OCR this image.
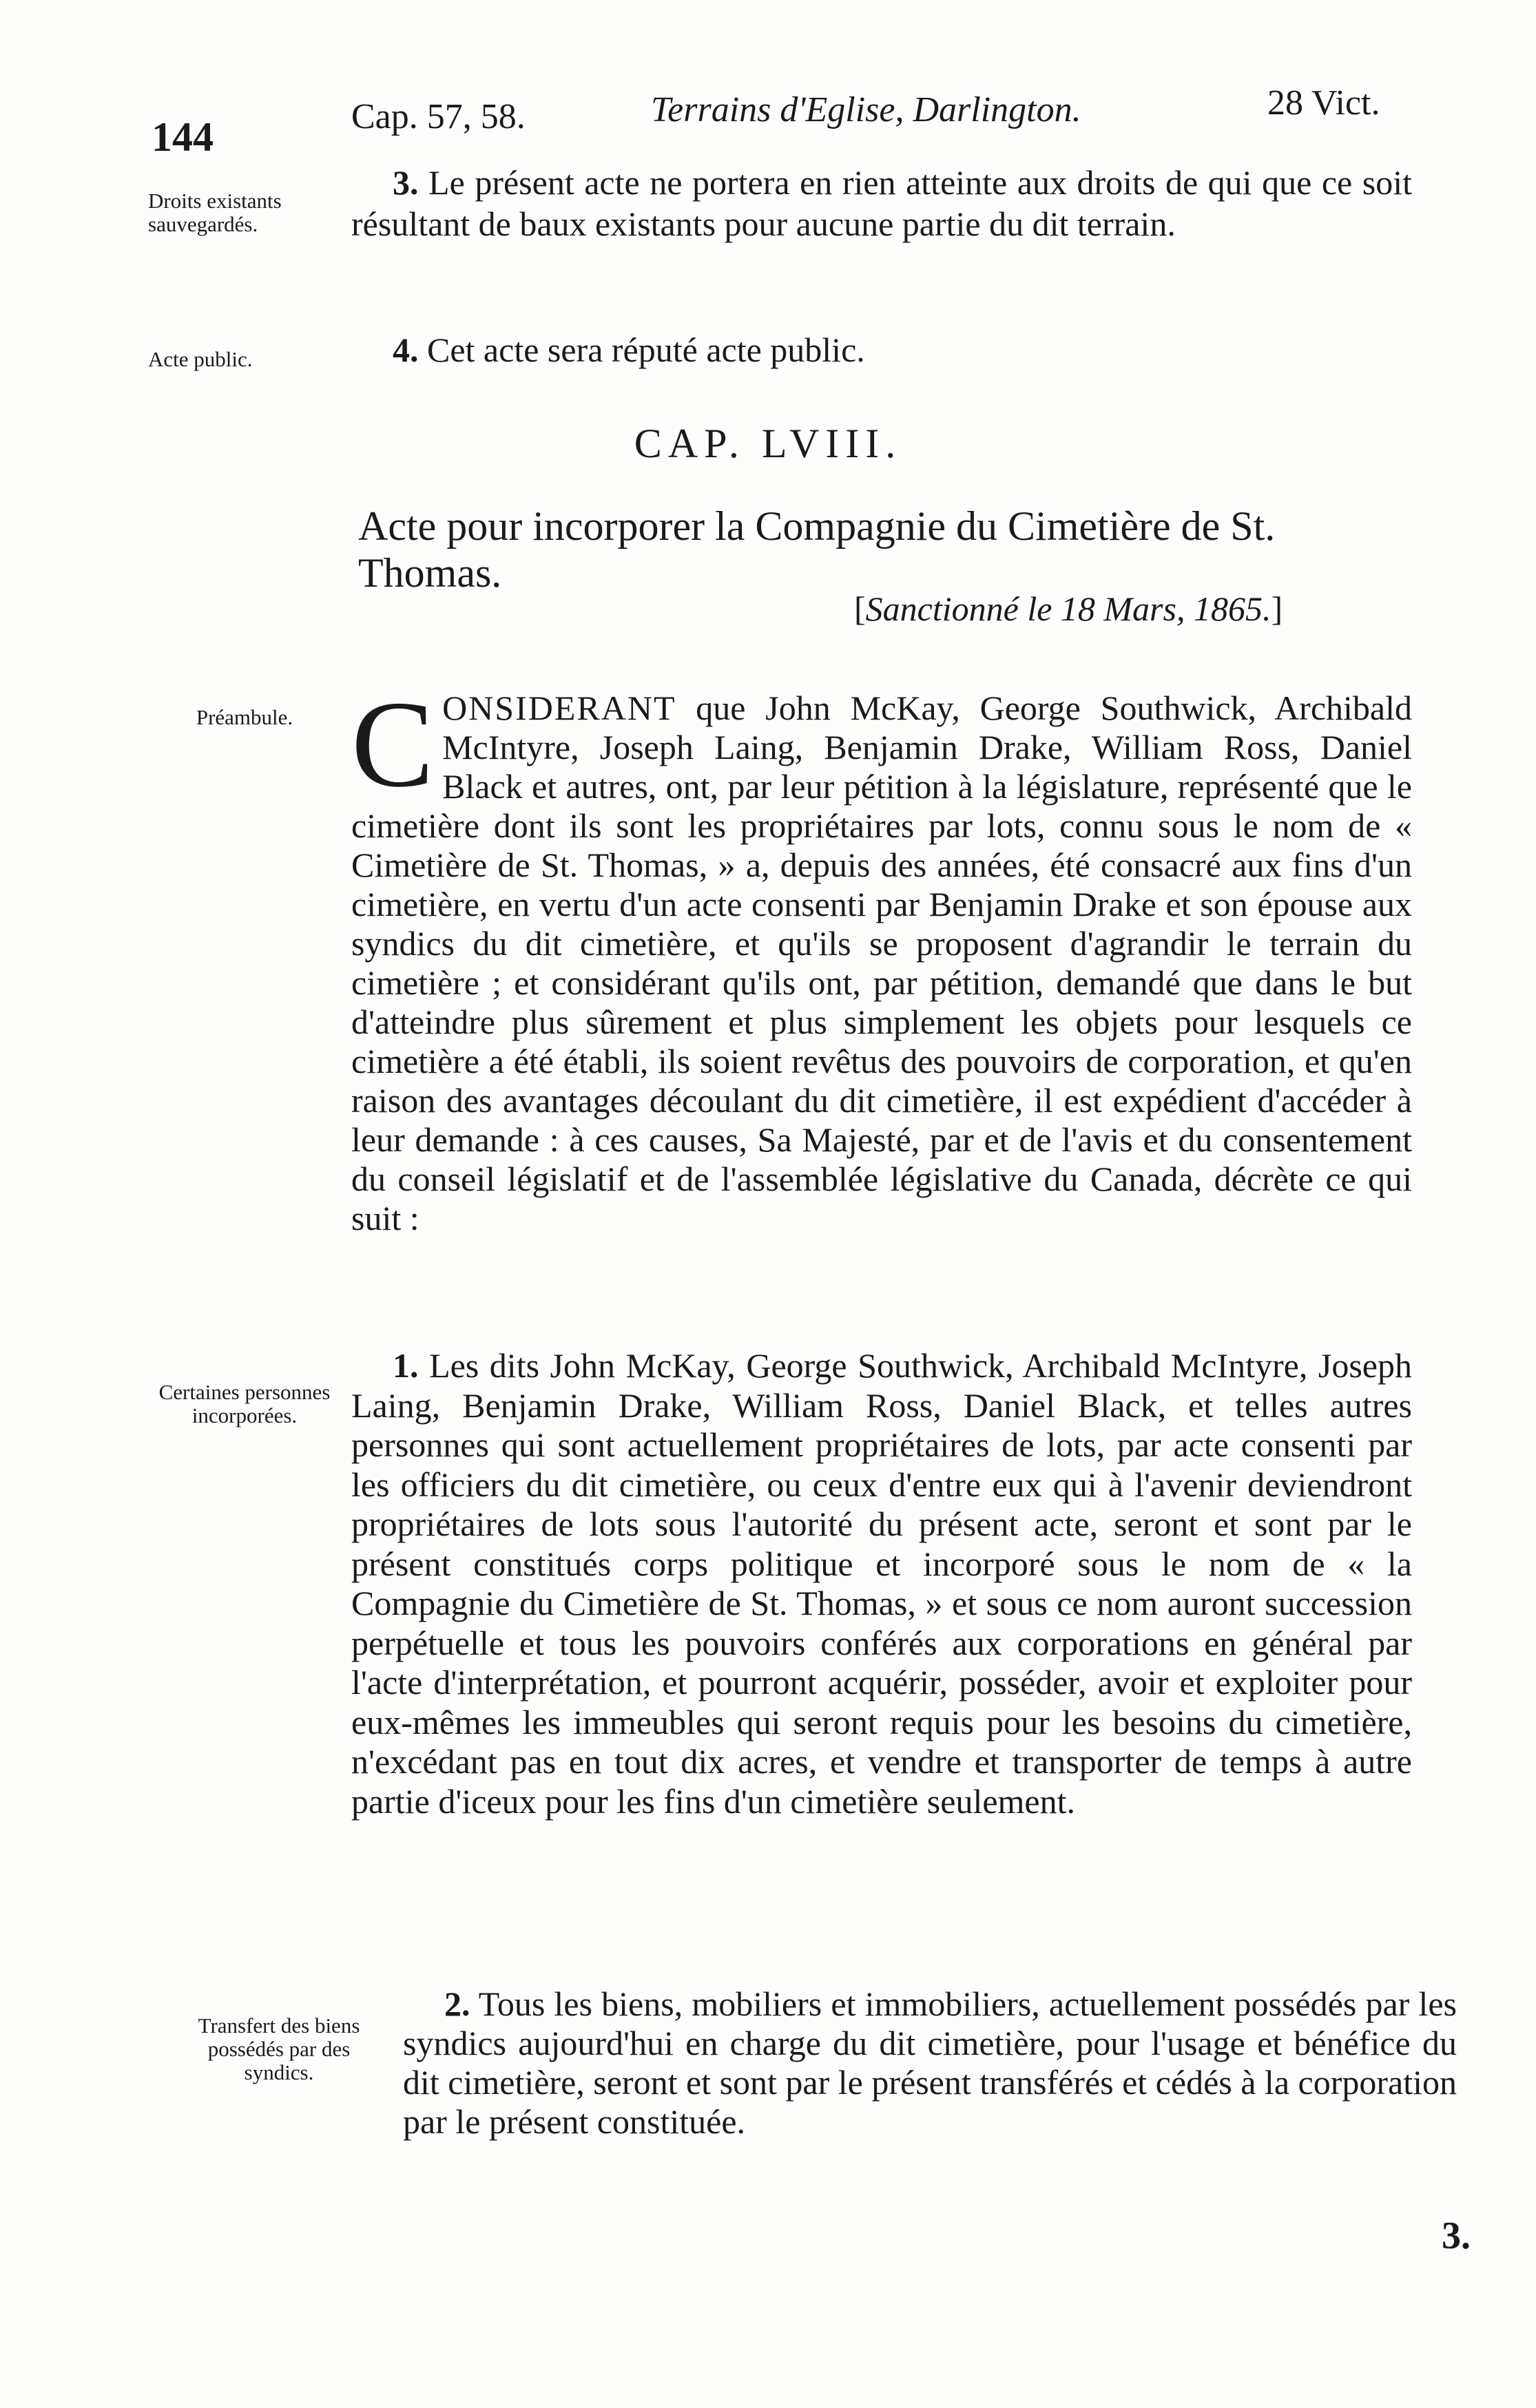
144	Cap. 57, 58.	Terrains d'Eglise, Darlington.	28 Vict.
Droits existants sauvegardés.
3. Le présent acte ne portera en rien atteinte aux droits de qui que ce soit résultant de baux existants pour aucune partie du dit terrain.
Acte public.	4. Cet acte sera réputé acte public.
CAP. LVIII.
Acte pour incorporer la Compagnie du Cimetière de St. Thomas.
[Sanctionné le 18 Mars, 1865.]
Préambule. CONSIDERANT que John McKay, George Southwick, Archibald McIntyre, Joseph Laing, Benjamin Drake, William Ross, Daniel Black et autres, ont, par leur pétition à la législature, représenté que le cimetière dont ils sont les propriétaires par lots, connu sous le nom de « Cimetière de St. Thomas, » a, depuis des années, été consacré aux fins d'un cimetière, en vertu d'un acte consenti par Benjamin Drake et son épouse aux syndics du dit cimetière, et qu'ils se proposent d'agrandir le terrain du cimetière ; et considérant qu'ils ont, par pétition, demandé que dans le but d'atteindre plus sûrement et plus simplement les objets pour lesquels ce cimetière a été établi, ils soient revêtus des pouvoirs de corporation, et qu'en raison des avantages découlant du dit cimetière, il est expédient d'accéder à leur demande : à ces causes, Sa Majesté, par et de l'avis et du consentement du conseil législatif et de l'assemblée législative du Canada, décrète ce qui suit :
Certaines personnes incorporées.
1. Les dits John McKay, George Southwick, Archibald McIntyre, Joseph Laing, Benjamin Drake, William Ross, Daniel Black, et telles autres personnes qui sont actuellement propriétaires de lots, par acte consenti par les officiers du dit cimetière, ou ceux d'entre eux qui à l'avenir deviendront propriétaires de lots sous l'autorité du présent acte, seront et sont par le présent constitués corps politique et incorporé sous le nom de « la Compagnie du Cimetière de St. Thomas, » et sous ce nom auront succession perpétuelle et tous les pouvoirs conférés aux corporations en général par l'acte d'interprétation, et pourront acquérir, posséder, avoir et exploiter pour eux-mêmes les immeubles qui seront requis pour les besoins du cimetière, n'excédant pas en tout dix acres, et vendre et transporter de temps à autre partie d'iceux pour les fins d'un cimetière seulement.
Transfert des biens possédés par des syndics.
2. Tous les biens, mobiliers et immobiliers, actuellement possédés par les syndics aujourd'hui en charge du dit cimetière, pour l'usage et bénéfice du dit cimetière, seront et sont par le présent transférés et cédés à la corporation par le présent constituée.
3.
